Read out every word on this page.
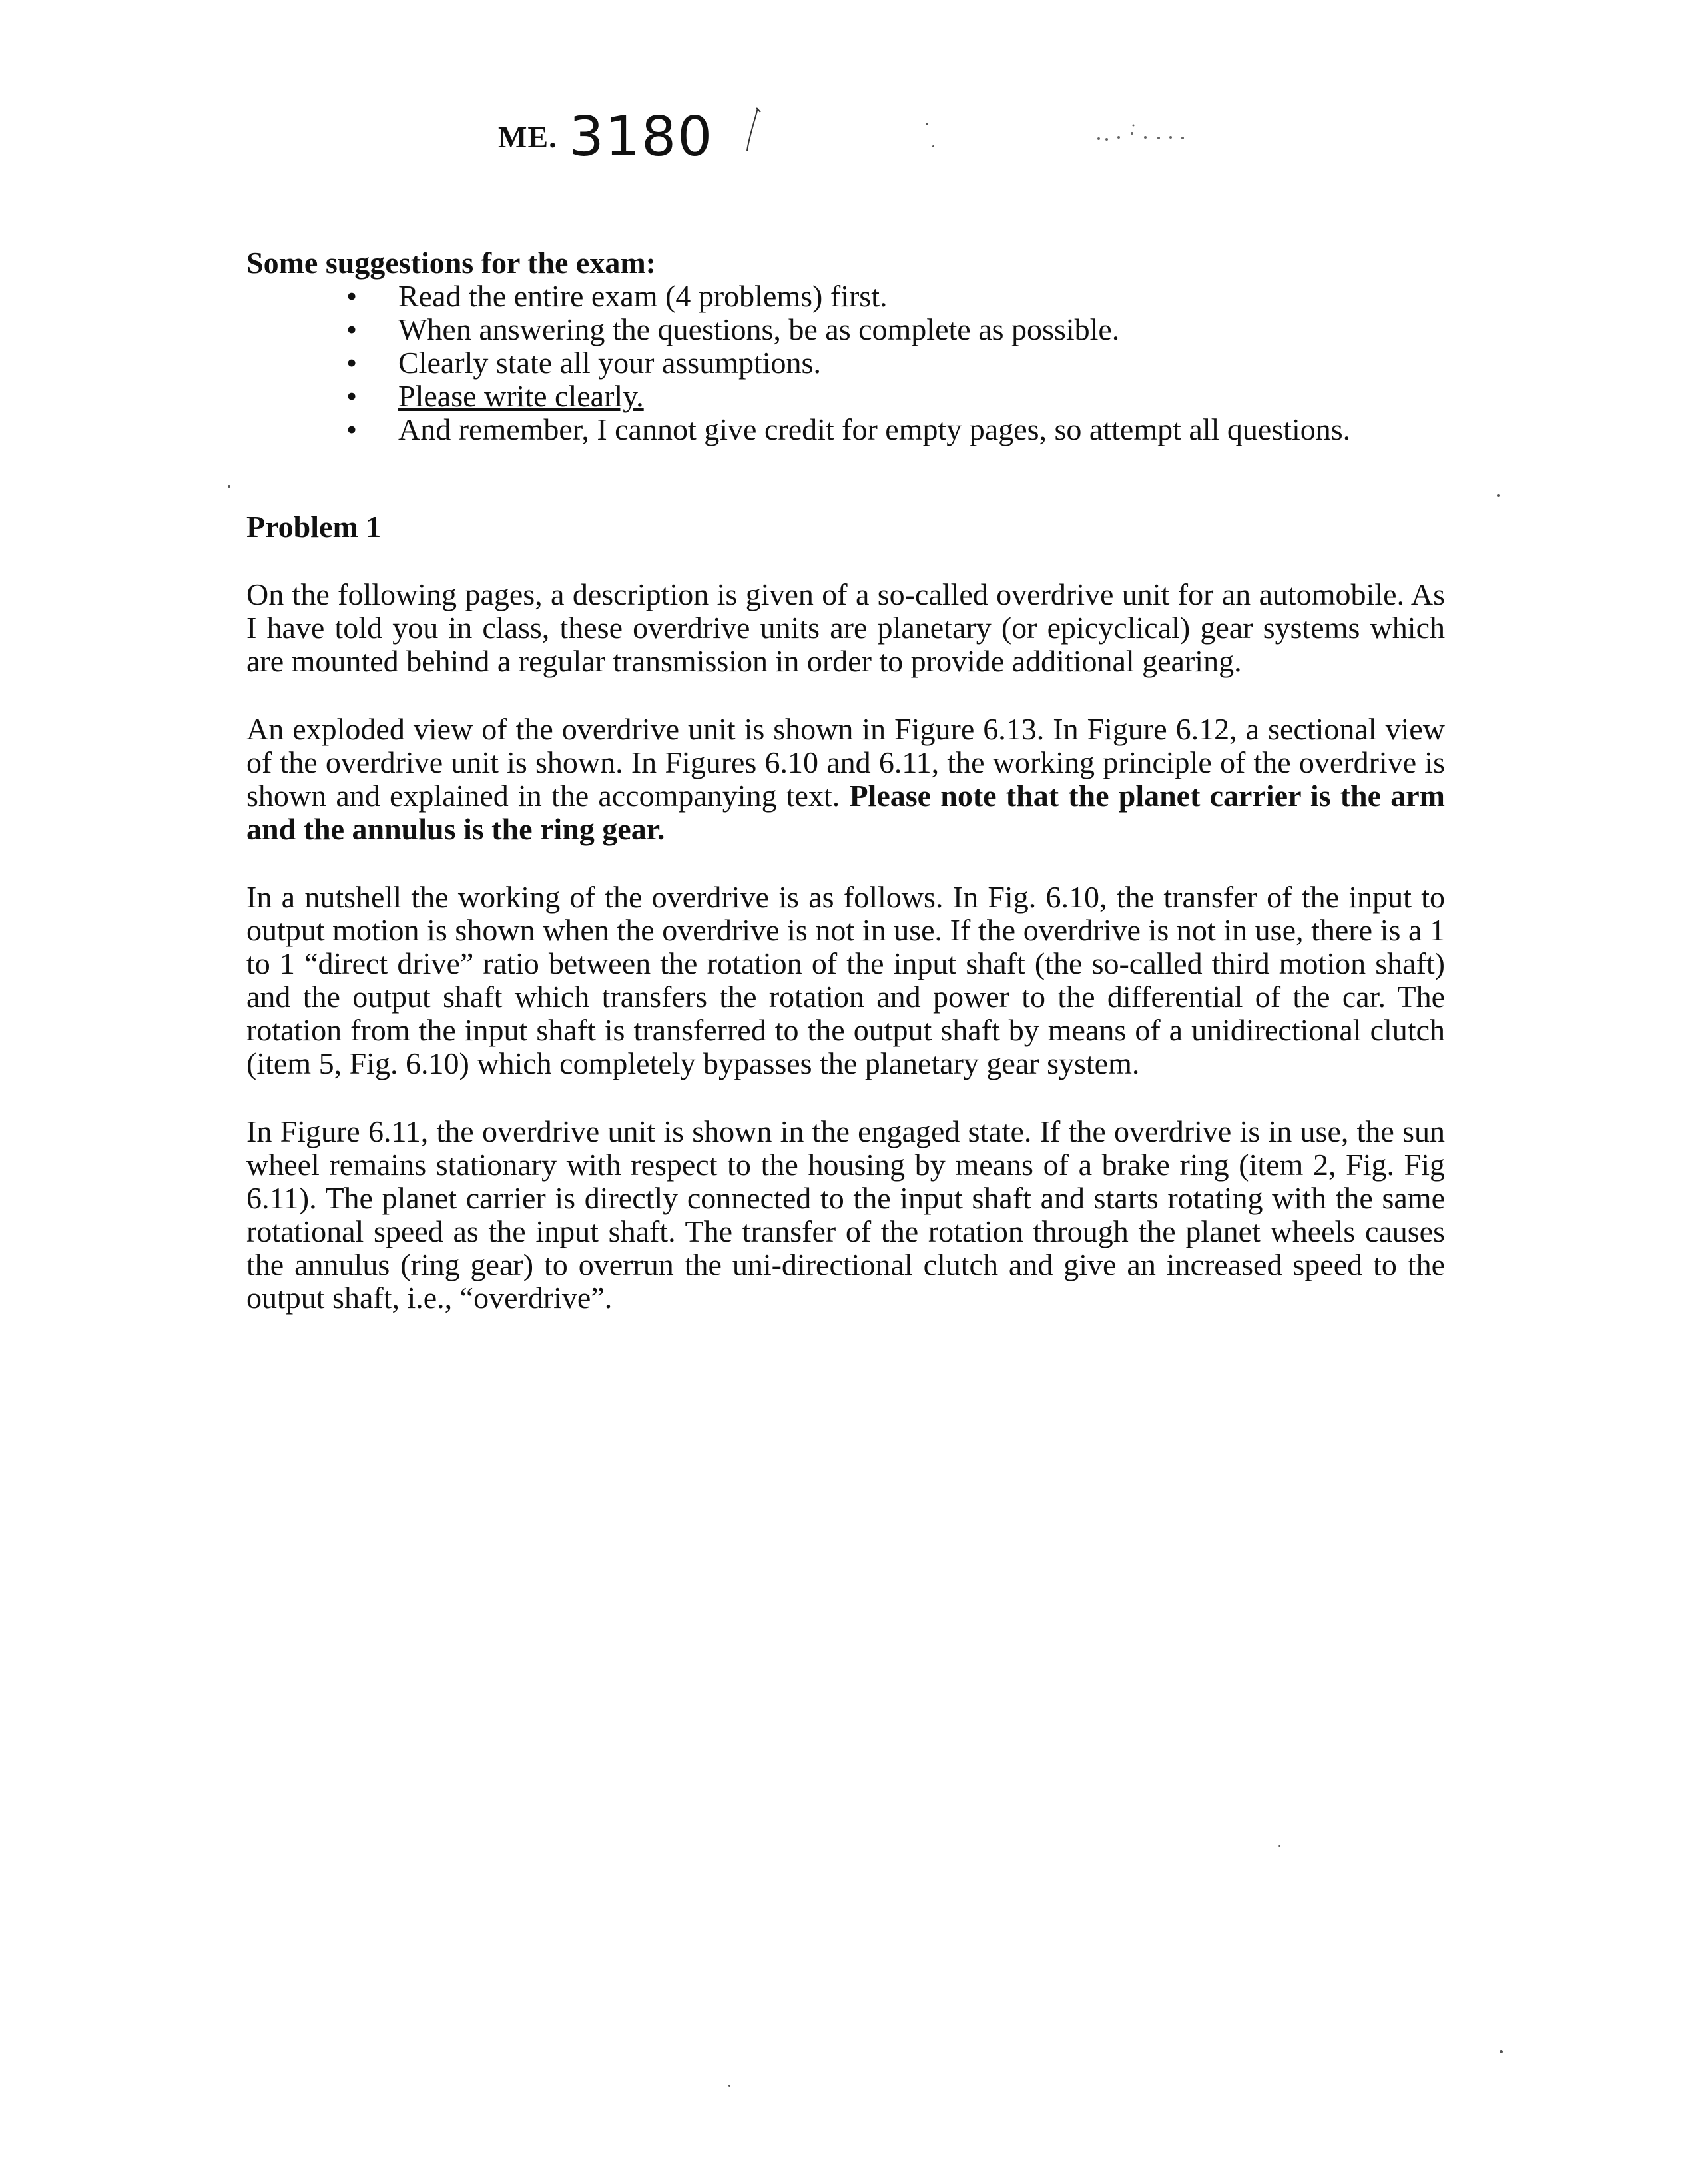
ME. 3180

Some suggestions for the exam:

• Read the entire exam (4 problems) first.
• When answering the questions, be as complete as possible.
• Clearly state all your assumptions.
• Please write clearly.
• And remember, I cannot give credit for empty pages, so attempt all questions.

Problem 1

On the following pages, a description is given of a so-called overdrive unit for an automobile. As I have told you in class, these overdrive units are planetary (or epicyclical) gear systems which are mounted behind a regular transmission in order to provide additional gearing.

An exploded view of the overdrive unit is shown in Figure 6.13. In Figure 6.12, a sectional view of the overdrive unit is shown. In Figures 6.10 and 6.11, the working principle of the overdrive is shown and explained in the accompanying text. Please note that the planet carrier is the arm and the annulus is the ring gear.

In a nutshell the working of the overdrive is as follows. In Fig. 6.10, the transfer of the input to output motion is shown when the overdrive is not in use. If the overdrive is not in use, there is a 1 to 1 “direct drive” ratio between the rotation of the input shaft (the so-called third motion shaft) and the output shaft which transfers the rotation and power to the differential of the car. The rotation from the input shaft is transferred to the output shaft by means of a unidirectional clutch (item 5, Fig. 6.10) which completely bypasses the planetary gear system.

In Figure 6.11, the overdrive unit is shown in the engaged state. If the overdrive is in use, the sun wheel remains stationary with respect to the housing by means of a brake ring (item 2, Fig. Fig 6.11). The planet carrier is directly connected to the input shaft and starts rotating with the same rotational speed as the input shaft. The transfer of the rotation through the planet wheels causes the annulus (ring gear) to overrun the uni-directional clutch and give an increased speed to the output shaft, i.e., “overdrive”.
